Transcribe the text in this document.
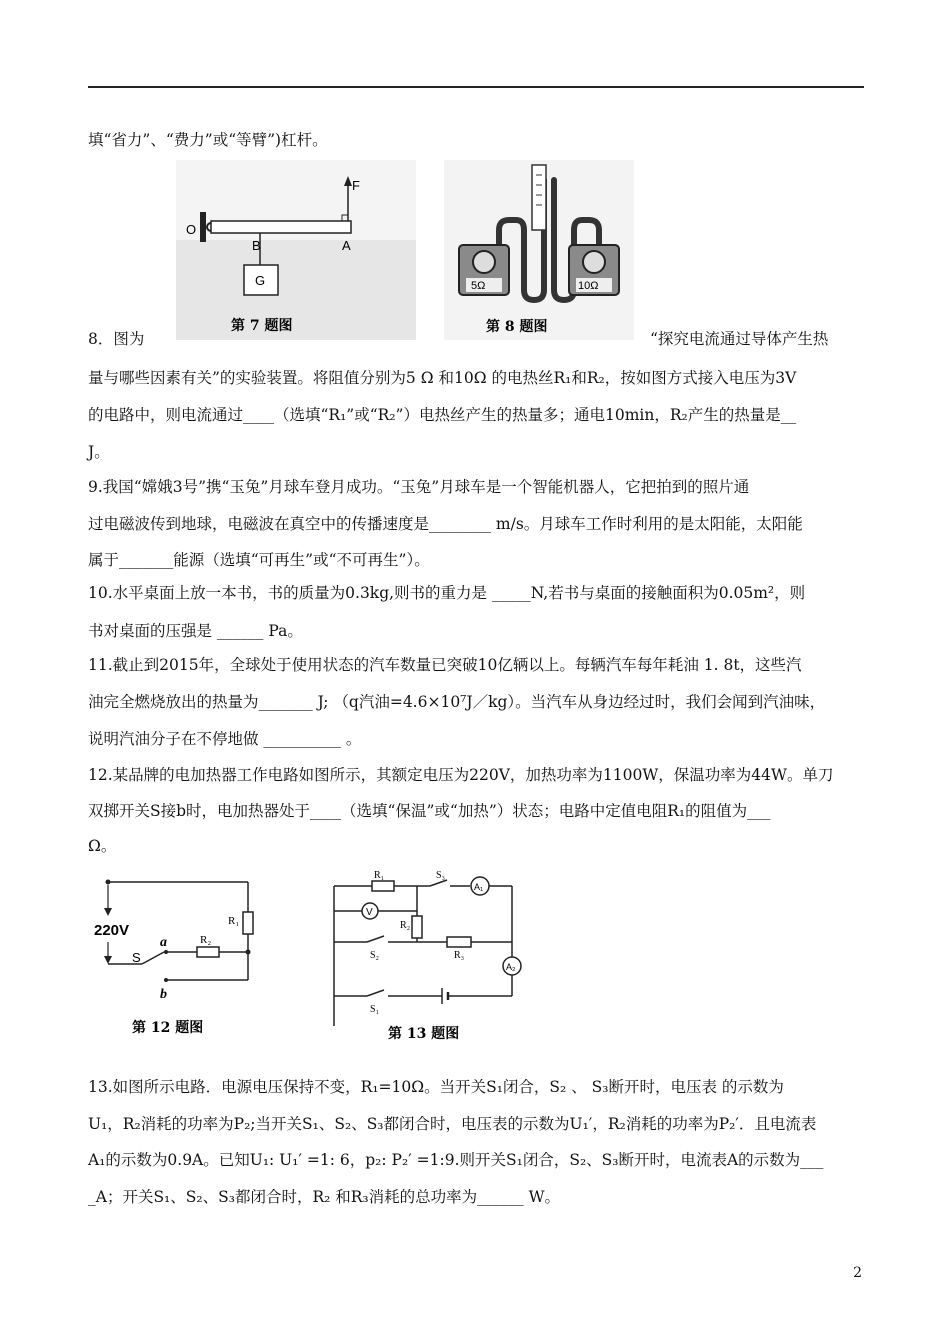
填“省力”、“费力”或“等臂”)杠杆。
8．图为	“探究电流通过导体产生热
量与哪些因素有关”的实验装置。将阻值分别为5 Ω 和10Ω 的电热丝R₁和R₂，按如图方式接入电压为3V
的电路中，则电流通过____（选填“R₁”或“R₂”）电热丝产生的热量多；通电10min，R₂产生的热量是__
J。
9.我国“嫦娥3号”携“玉兔”月球车登月成功。“玉兔”月球车是一个智能机器人，它把拍到的照片通
过电磁波传到地球，电磁波在真空中的传播速度是________ m/s。月球车工作时利用的是太阳能，太阳能
属于_______能源（选填“可再生”或“不可再生”）。
10.水平桌面上放一本书，书的质量为0.3kg,则书的重力是 _____N,若书与桌面的接触面积为0.05m²，则
书对桌面的压强是 ______ Pa。
11.截止到2015年，全球处于使用状态的汽车数量已突破10亿辆以上。每辆汽车每年耗油 1. 8t，这些汽
油完全燃烧放出的热量为_______ J; （q汽油=4.6×10⁷J／kg）。当汽车从身边经过时，我们会闻到汽油味，
说明汽油分子在不停地做 __________ 。
12.某品牌的电加热器工作电路如图所示，其额定电压为220V，加热功率为1100W，保温功率为44W。单刀
双掷开关S接b时，电加热器处于____（选填“保温”或“加热”）状态；电路中定值电阻R₁的阻值为___
Ω。
13.如图所示电路．电源电压保持不变，R₁=10Ω。当开关S₁闭合，S₂ 、 S₃断开时，电压表 的示数为
U₁，R₂消耗的功率为P₂;当开关S₁、S₂、S₃都闭合时，电压表的示数为U₁′，R₂消耗的功率为P₂′．且电流表
A₁的示数为0.9A。已知U₁: U₁′ =1: 6，p₂: P₂′ =1:9.则开关S₁闭合，S₂、S₃断开时，电流表A的示数为___
_A；开关S₁、S₂、S₃都闭合时，R₂ 和R₃消耗的总功率为______ W。
F
O
B	A
G
第 7 题图
5Ω	10Ω
第 8 题图
220V
R₁
R₂
S
a
b
第 12 题图
R₁
R₂
R₃
S₃
S₂
S₁
A₁
A₂
V
第 13 题图
2
